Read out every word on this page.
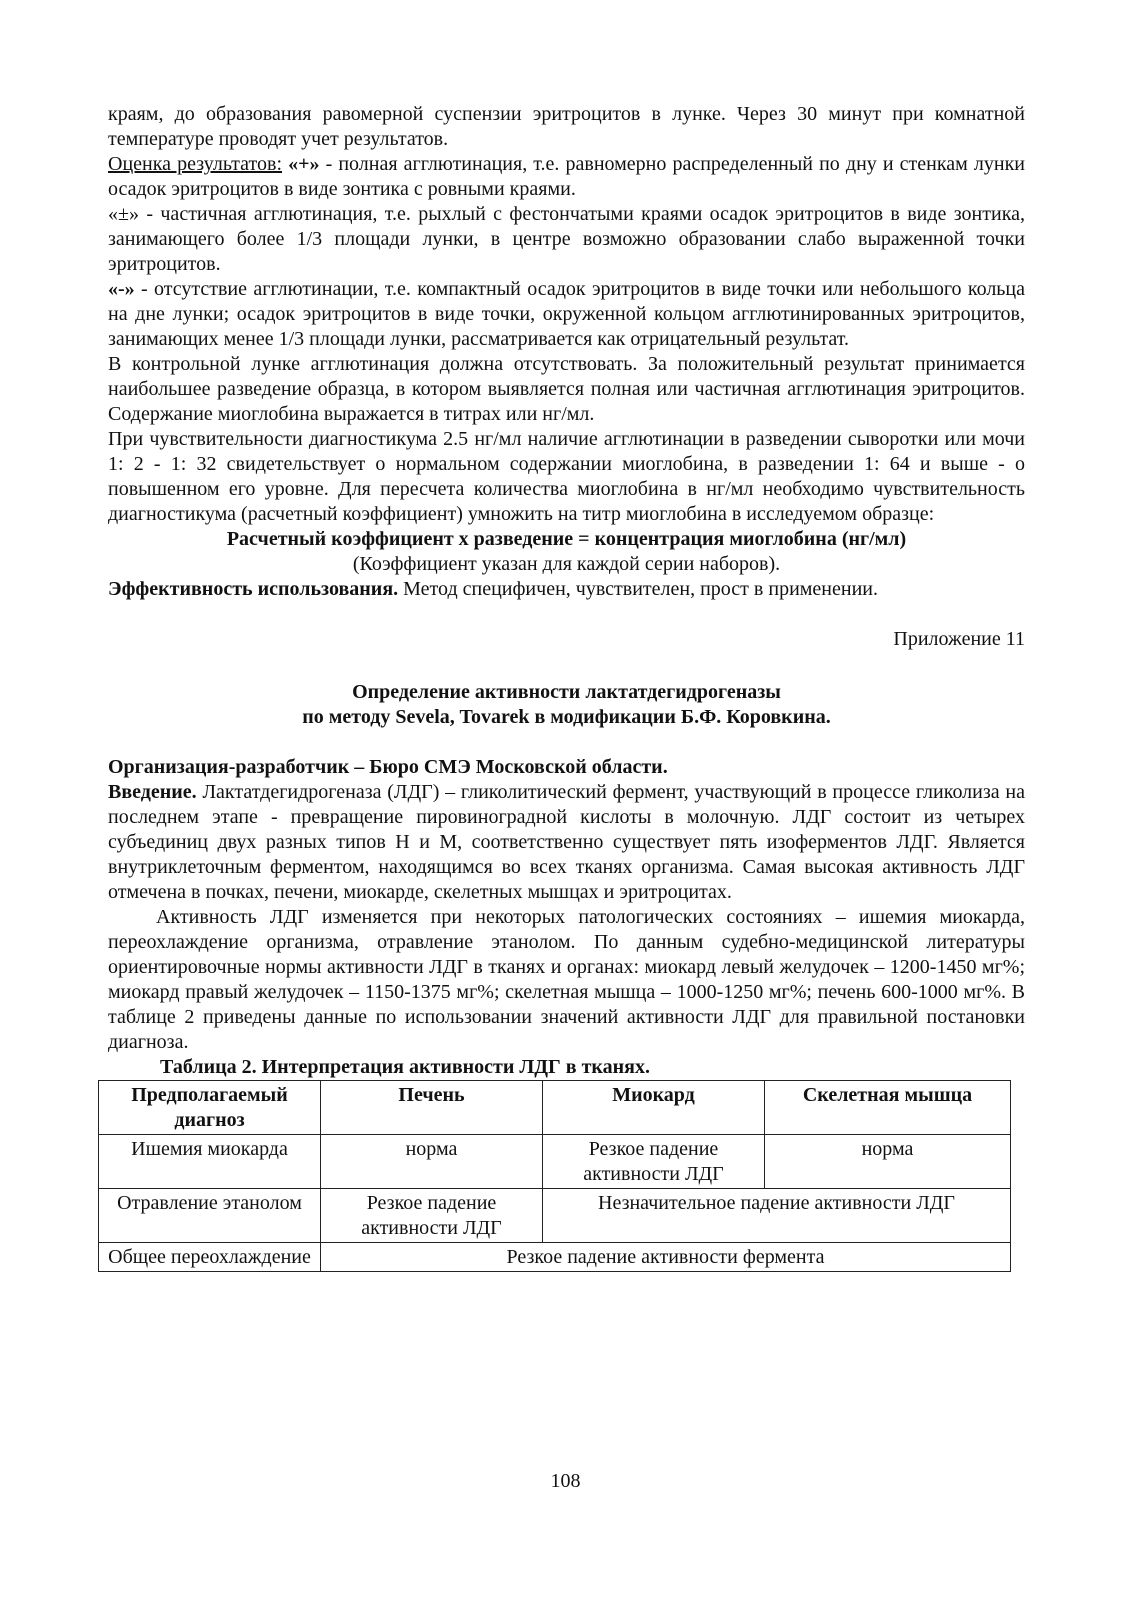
краям, до образования равомерной суспензии эритроцитов в лунке. Через 30 минут при комнатной температуре проводят учет результатов.

Оценка результатов: «+» - полная агглютинация, т.е. равномерно распределенный по дну и стенкам лунки осадок эритроцитов в виде зонтика с ровными краями.

«±» - частичная агглютинация, т.е. рыхлый с фестончатыми краями осадок эритроцитов в виде зонтика, занимающего более 1/3 площади лунки, в центре возможно образовании слабо выраженной точки эритроцитов.

«-» - отсутствие агглютинации, т.е. компактный осадок эритроцитов в виде точки или небольшого кольца на дне лунки; осадок эритроцитов в виде точки, окруженной кольцом агглютинированных эритроцитов, занимающих менее 1/3 площади лунки, рассматривается как отрицательный результат.

В контрольной лунке агглютинация должна отсутствовать. За положительный результат принимается наибольшее разведение образца, в котором выявляется полная или частичная агглютинация эритроцитов. Содержание миоглобина выражается в титрах или нг/мл.

При чувствительности диагностикума 2.5 нг/мл наличие агглютинации в разведении сыворотки или мочи 1: 2 - 1: 32 свидетельствует о нормальном содержании миоглобина, в разведении 1: 64 и выше - о повышенном его уровне. Для пересчета количества миоглобина в нг/мл необходимо чувствительность диагностикума (расчетный коэффициент) умножить на титр миоглобина в исследуемом образце:

Расчетный коэффициент х разведение = концентрация миоглобина (нг/мл)

(Коэффициент указан для каждой серии наборов).

Эффективность использования. Метод специфичен, чувствителен, прост в применении.

Приложение 11

Определение активности лактатдегидрогеназы

по методу Sevela, Tovarek в модификации Б.Ф. Коровкина.

Организация-разработчик – Бюро СМЭ Московской области.

Введение. Лактатдегидрогеназа (ЛДГ) – гликолитический фермент, участвующий в процессе гликолиза на последнем этапе - превращение пировиноградной кислоты в молочную. ЛДГ состоит из четырех субъединиц двух разных типов Н и М, соответственно существует пять изоферментов ЛДГ. Является внутриклеточным ферментом, находящимся во всех тканях организма. Самая высокая активность ЛДГ отмечена в почках, печени, миокарде, скелетных мышцах и эритроцитах.

Активность ЛДГ изменяется при некоторых патологических состояниях – ишемия миокарда, переохлаждение организма, отравление этанолом. По данным судебно-медицинской литературы ориентировочные нормы активности ЛДГ в тканях и органах: миокард левый желудочек – 1200-1450 мг%; миокард правый желудочек – 1150-1375 мг%; скелетная мышца – 1000-1250 мг%; печень 600-1000 мг%. В таблице 2 приведены данные по использовании значений активности ЛДГ для правильной постановки диагноза.

Таблица 2. Интерпретация активности ЛДГ в тканях.

Предполагаемый диагноз	Печень	Миокард	Скелетная мышца
Ишемия миокарда	норма	Резкое падение активности ЛДГ	норма
Отравление этанолом	Резкое падение активности ЛДГ	Незначительное падение активности ЛДГ	
Общее переохлаждение	Резкое падение активности фермента		
108
